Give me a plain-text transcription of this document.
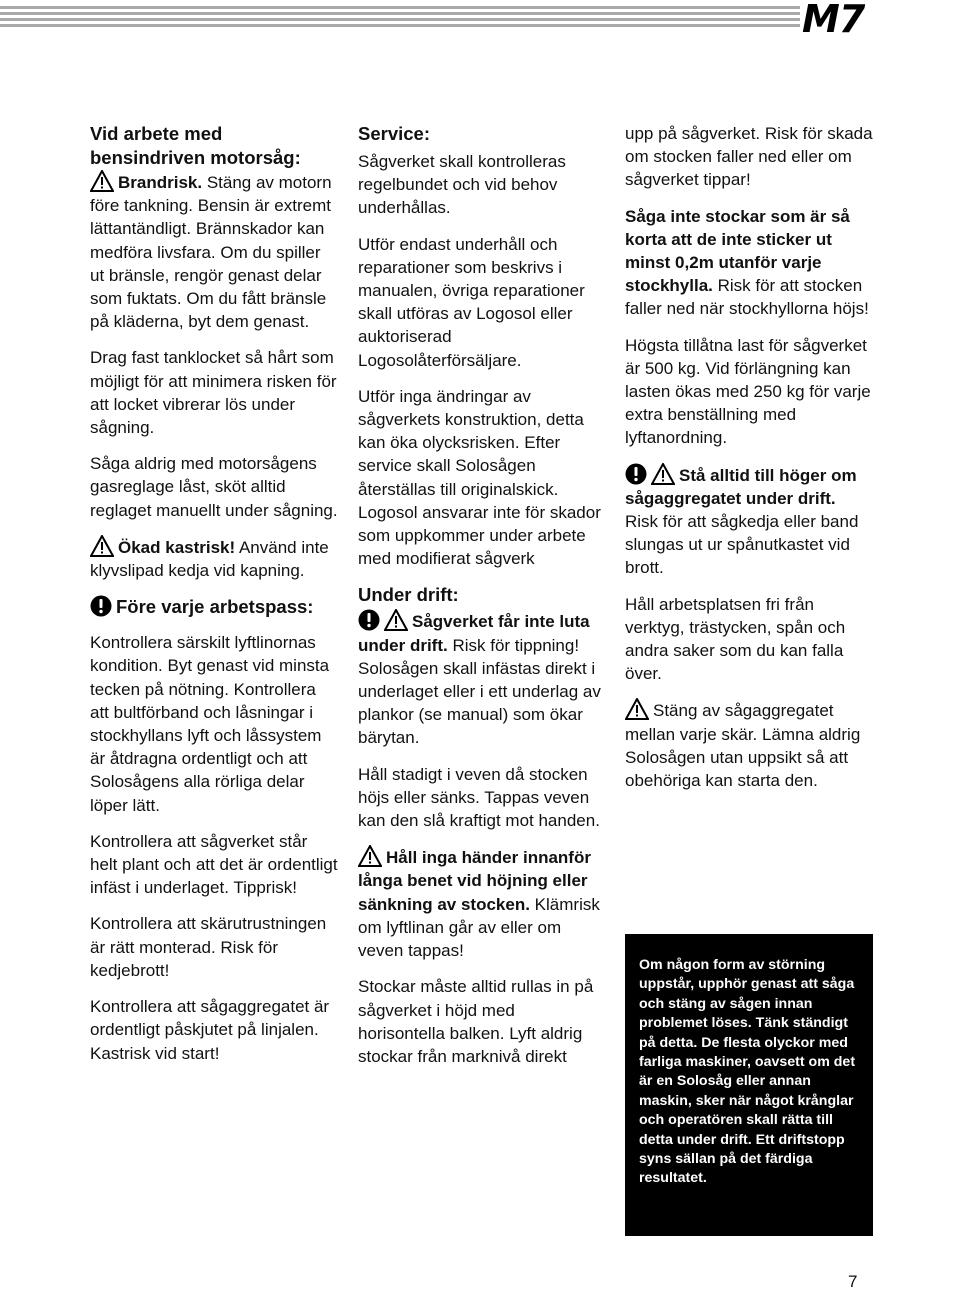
M7
Vid arbete med bensindriven motorsåg:

Brandrisk. Stäng av motorn före tankning. Bensin är extremt lättantändligt. Brännskador kan medföra livsfara. Om du spiller ut bränsle, rengör genast delar som fuktats. Om du fått bränsle på kläderna, byt dem genast.

Drag fast tanklocket så hårt som möjligt för att minimera risken för att locket vibrerar lös under sågning.

Såga aldrig med motorsågens gasreglage låst, sköt alltid reglaget manuellt under sågning.

Ökad kastrisk! Använd inte klyvslipad kedja vid kapning.

Före varje arbetspass:

Kontrollera särskilt lyftlinornas kondition. Byt genast vid minsta tecken på nötning. Kontrollera att bultförband och låsningar i stockhyllans lyft och låssystem är åtdragna ordentligt och att Solosågens alla rörliga delar löper lätt.

Kontrollera att sågverket står helt plant och att det är ordentligt infäst i underlaget. Tipprisk!

Kontrollera att skärutrustningen är rätt monterad. Risk för kedjebrott!

Kontrollera att sågaggregatet är ordentligt påskjutet på linjalen. Kastrisk vid start!

Service:

Sågverket skall kontrolleras regelbundet och vid behov underhållas.

Utför endast underhåll och reparationer som beskrivs i manualen, övriga reparationer skall utföras av Logosol eller auktoriserad Logosolåterförsäljare.

Utför inga ändringar av sågverkets konstruktion, detta kan öka olycksrisken. Efter service skall Solosågen återställas till originalskick. Logosol ansvarar inte för skador som uppkommer under arbete med modifierat sågverk

Under drift:

Sågverket får inte luta under drift. Risk för tippning! Solosågen skall infästas direkt i underlaget eller i ett underlag av plankor (se manual) som ökar bärytan.

Håll stadigt i veven då stocken höjs eller sänks. Tappas veven kan den slå kraftigt mot handen.

Håll inga händer innanför långa benet vid höjning eller sänkning av stocken. Klämrisk om lyftlinan går av eller om veven tappas!

Stockar måste alltid rullas in på sågverket i höjd med horisontella balken. Lyft aldrig stockar från marknivå direkt

upp på sågverket. Risk för skada om stocken faller ned eller om sågverket tippar!

Såga inte stockar som är så korta att de inte sticker ut minst 0,2m utanför varje stockhylla. Risk för att stocken faller ned när stockhyllorna höjs!

Högsta tillåtna last för sågverket är 500 kg. Vid förlängning kan lasten ökas med 250 kg för varje extra benställning med lyftanordning.

Stå alltid till höger om sågaggregatet under drift. Risk för att sågkedja eller band slungas ut ur spånutkastet vid brott.

Håll arbetsplatsen fri från verktyg, trästycken, spån och andra saker som du kan falla över.

Stäng av sågaggregatet mellan varje skär. Lämna aldrig Solosågen utan uppsikt så att obehöriga kan starta den.

Om någon form av störning uppstår, upphör genast att såga och stäng av sågen innan problemet löses. Tänk ständigt på detta. De flesta olyckor med farliga maskiner, oavsett om det är en Solosåg eller annan maskin, sker när något krånglar och operatören skall rätta till detta under drift. Ett driftstopp syns sällan på det färdiga resultatet.
7
